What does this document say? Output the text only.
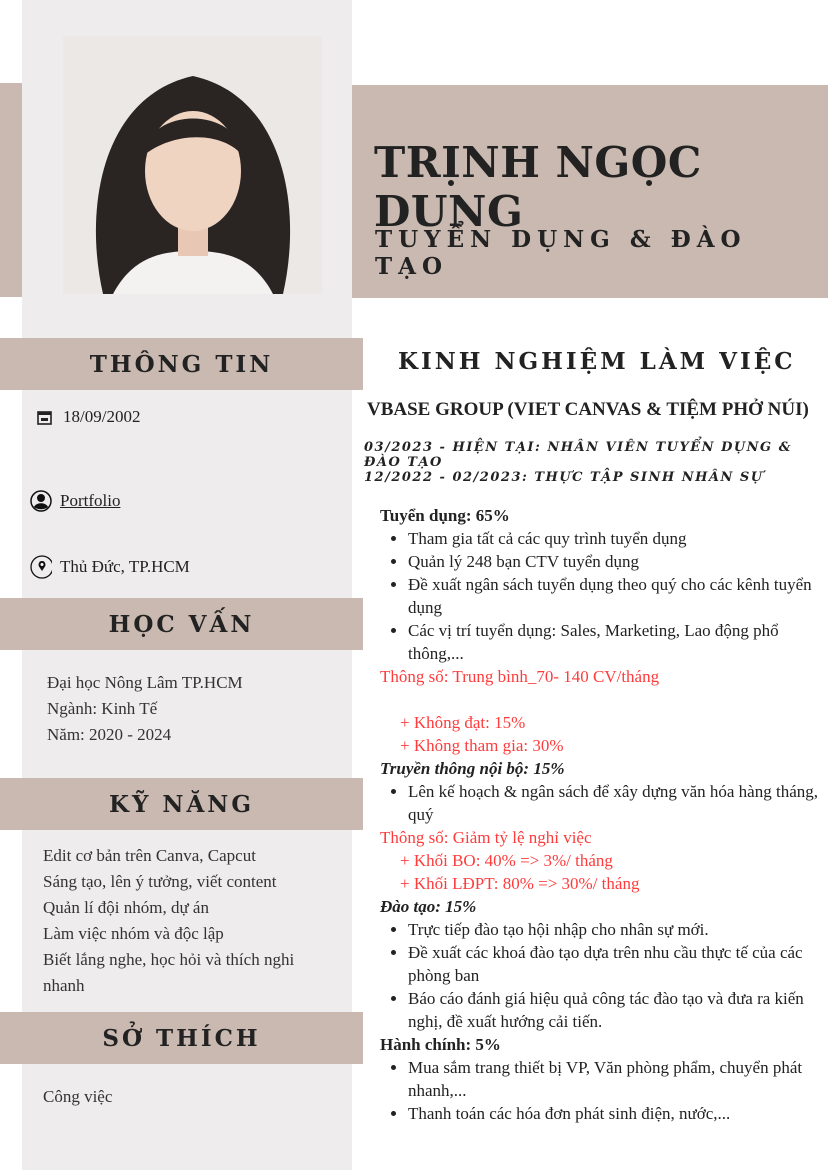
TRỊNH NGỌC DUNG
TUYỂN DỤNG & ĐÀO TẠO
THÔNG TIN
18/09/2002
Portfolio
Thủ Đức, TP.HCM
HỌC VẤN
Đại học Nông Lâm TP.HCM
Ngành: Kinh Tế
Năm: 2020 - 2024
KỸ NĂNG
Edit cơ bản trên Canva, Capcut
Sáng tạo, lên ý tưởng, viết content
Quản lí đội nhóm, dự án
Làm việc nhóm và độc lập
Biết lắng nghe, học hỏi và thích nghi nhanh
SỞ THÍCH
Công việc
KINH NGHIỆM LÀM VIỆC
VBASE GROUP (VIET CANVAS & TIỆM PHỞ NÚI)
03/2023 - HIỆN TẠI: NHÂN VIÊN TUYỂN DỤNG & ĐÀO TẠO
12/2022 - 02/2023: THỰC TẬP SINH NHÂN SỰ
Tuyển dụng: 65%
• Tham gia tất cả các quy trình tuyển dụng
• Quản lý 248 bạn CTV tuyển dụng
• Đề xuất ngân sách tuyển dụng theo quý cho các kênh tuyển dụng
• Các vị trí tuyển dụng: Sales, Marketing, Lao động phổ thông,...
Thông số: Trung bình_70- 140 CV/tháng
+ Không đạt: 15%
+ Không tham gia: 30%
Truyền thông nội bộ: 15%
• Lên kế hoạch & ngân sách để xây dựng văn hóa hàng tháng, quý
Thông số: Giảm tỷ lệ nghỉ việc
+ Khối BO: 40% => 3%/ tháng
+ Khối LĐPT: 80% => 30%/ tháng
Đào tạo: 15%
• Trực tiếp đào tạo hội nhập cho nhân sự mới.
• Đề xuất các khoá đào tạo dựa trên nhu cầu thực tế của các phòng ban
• Báo cáo đánh giá hiệu quả công tác đào tạo và đưa ra kiến nghị, đề xuất hướng cải tiến.
Hành chính: 5%
• Mua sắm trang thiết bị VP, Văn phòng phẩm, chuyển phát nhanh,...
• Thanh toán các hóa đơn phát sinh điện, nước,...
